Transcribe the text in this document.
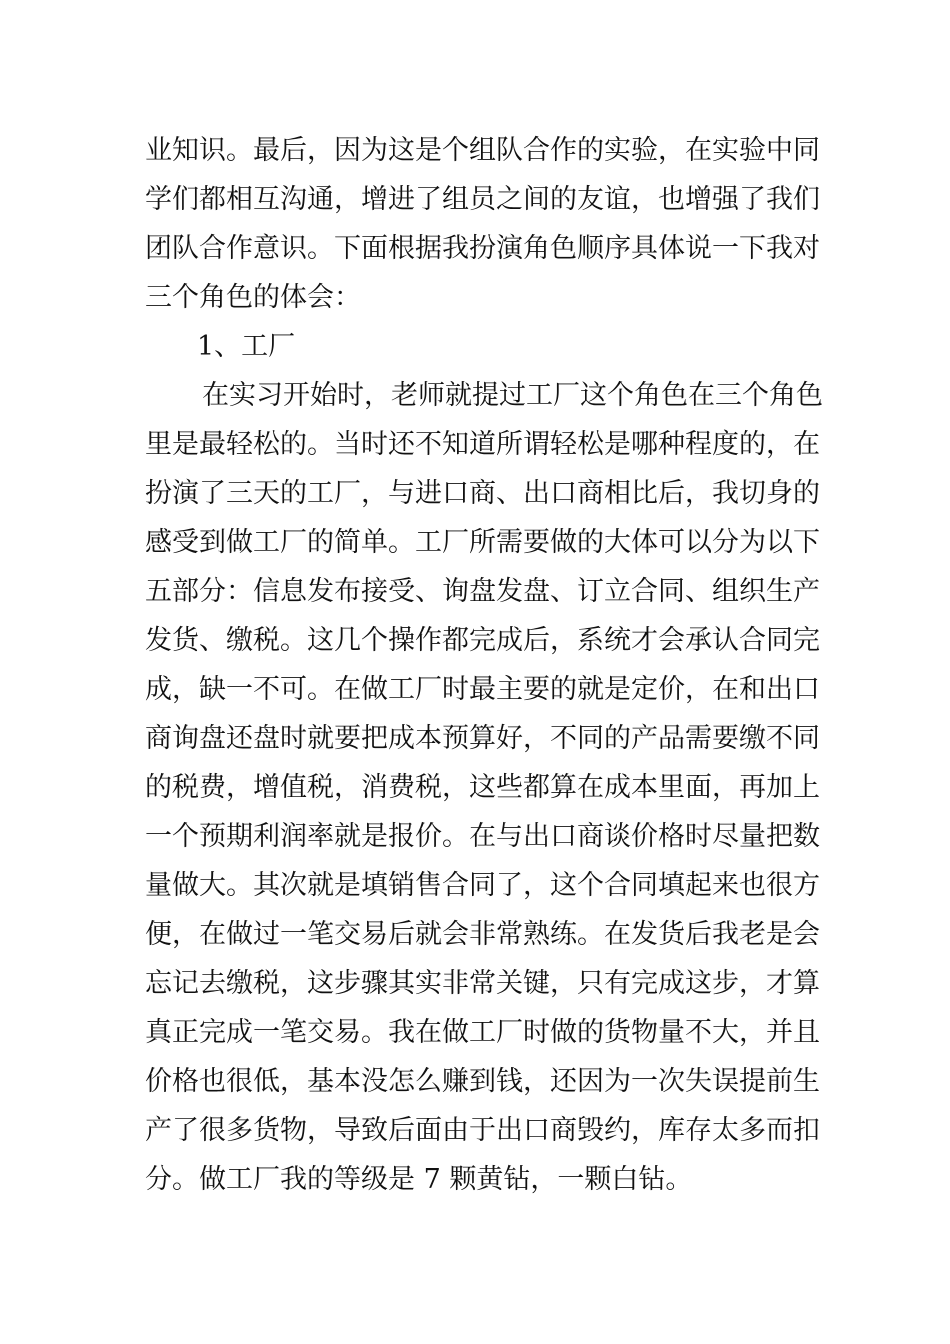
业知识。最后，因为这是个组队合作的实验，在实验中同
学们都相互沟通，增进了组员之间的友谊，也增强了我们
团队合作意识。下面根据我扮演角色顺序具体说一下我对
三个角色的体会：
1、工厂
在实习开始时，老师就提过工厂这个角色在三个角色
里是最轻松的。当时还不知道所谓轻松是哪种程度的，在
扮演了三天的工厂，与进口商、出口商相比后，我切身的
感受到做工厂的简单。工厂所需要做的大体可以分为以下
五部分：信息发布接受、询盘发盘、订立合同、组织生产
发货、缴税。这几个操作都完成后，系统才会承认合同完
成，缺一不可。在做工厂时最主要的就是定价，在和出口
商询盘还盘时就要把成本预算好，不同的产品需要缴不同
的税费，增值税，消费税，这些都算在成本里面，再加上
一个预期利润率就是报价。在与出口商谈价格时尽量把数
量做大。其次就是填销售合同了，这个合同填起来也很方
便，在做过一笔交易后就会非常熟练。在发货后我老是会
忘记去缴税，这步骤其实非常关键，只有完成这步，才算
真正完成一笔交易。我在做工厂时做的货物量不大，并且
价格也很低，基本没怎么赚到钱，还因为一次失误提前生
产了很多货物，导致后面由于出口商毁约，库存太多而扣
分。做工厂我的等级是 7 颗黄钻，一颗白钻。
